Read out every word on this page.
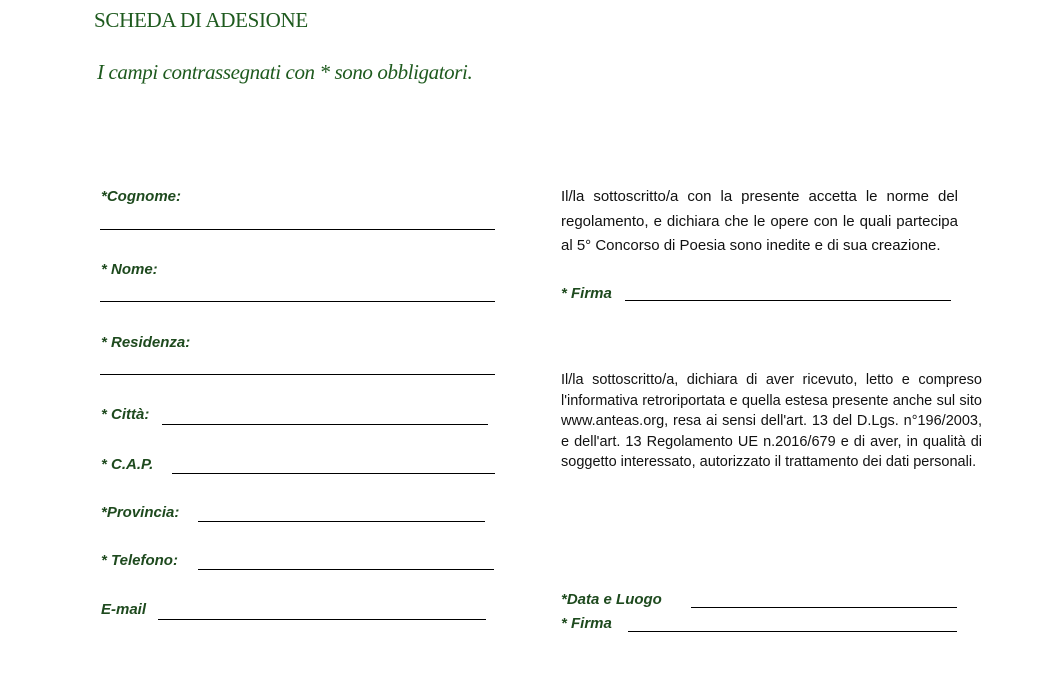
SCHEDA DI ADESIONE
I campi contrassegnati con * sono obbligatori.
*Cognome:
* Nome:
* Residenza:
* Città:
* C.A.P.
*Provincia:
* Telefono:
E-mail
Il/la sottoscritto/a con la presente accetta le norme del regolamento, e dichiara che le opere con le quali partecipa al 5° Concorso di Poesia sono inedite e di sua creazione.
* Firma
Il/la sottoscritto/a, dichiara di aver ricevuto, letto e compreso l'informativa retroriportata e quella estesa presente anche sul sito www.anteas.org, resa ai sensi dell'art. 13 del D.Lgs. n°196/2003, e dell'art. 13 Regolamento UE n.2016/679 e di aver, in qualità di soggetto interessato, autorizzato il trattamento dei dati personali.
*Data e Luogo
* Firma
